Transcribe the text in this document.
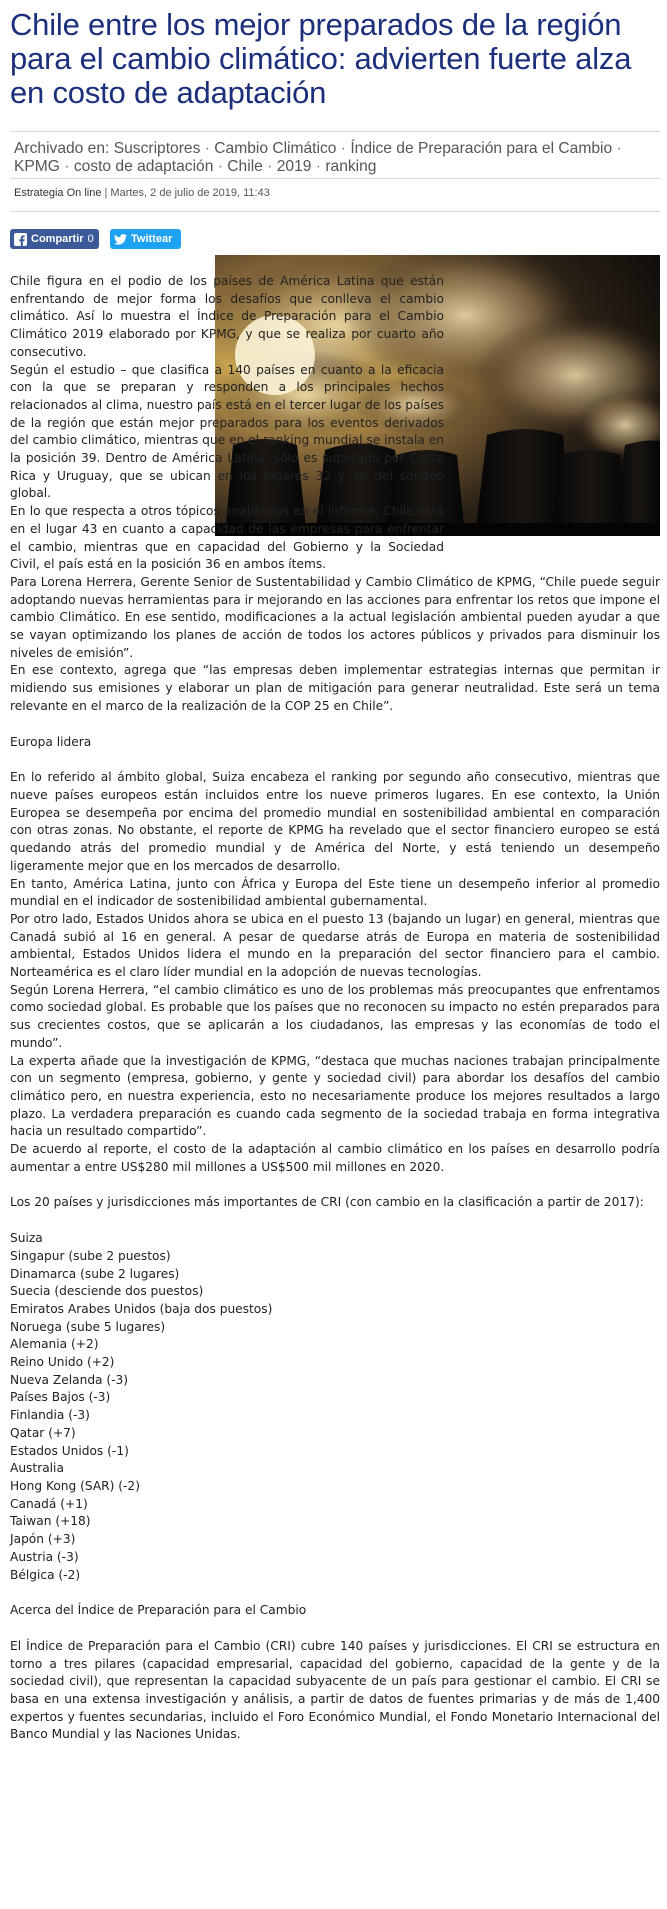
Chile entre los mejor preparados de la región para el cambio climático: advierten fuerte alza en costo de adaptación
Archivado en: Suscriptores · Cambio Climático · Índice de Preparación para el Cambio · KPMG · costo de adaptación · Chile · 2019 · ranking
Estrategia On line | Martes, 2 de julio de 2019, 11:43
Compartir 0	Twittear

Chile figura en el podio de los países de América Latina que están enfrentando de mejor forma los desafíos que conlleva el cambio climático. Así lo muestra el Índice de Preparación para el Cambio Climático 2019 elaborado por KPMG, y que se realiza por cuarto año consecutivo.

Según el estudio – que clasifica a 140 países en cuanto a la eficacia con la que se preparan y responden a los principales hechos relacionados al clima, nuestro país está en el tercer lugar de los países de la región que están mejor preparados para los eventos derivados del cambio climático, mientras que en el ranking mundial se instala en la posición 39. Dentro de América Latina, sólo es superado por Costa Rica y Uruguay, que se ubican en los lugares 32 y 36 del sondeo global.

En lo que respecta a otros tópicos analizados en el informe, Chile está en el lugar 43 en cuanto a capacidad de las empresas para enfrentar el cambio, mientras que en capacidad del Gobierno y la Sociedad Civil, el país está en la posición 36 en ambos ítems.

Para Lorena Herrera, Gerente Senior de Sustentabilidad y Cambio Climático de KPMG, “Chile puede seguir adoptando nuevas herramientas para ir mejorando en las acciones para enfrentar los retos que impone el cambio Climático. En ese sentido, modificaciones a la actual legislación ambiental pueden ayudar a que se vayan optimizando los planes de acción de todos los actores públicos y privados para disminuir los niveles de emisión”.

En ese contexto, agrega que “las empresas deben implementar estrategias internas que permitan ir midiendo sus emisiones y elaborar un plan de mitigación para generar neutralidad. Este será un tema relevante en el marco de la realización de la COP 25 en Chile”.

Europa lidera

En lo referido al ámbito global, Suiza encabeza el ranking por segundo año consecutivo, mientras que nueve países europeos están incluidos entre los nueve primeros lugares. En ese contexto, la Unión Europea se desempeña por encima del promedio mundial en sostenibilidad ambiental en comparación con otras zonas. No obstante, el reporte de KPMG ha revelado que el sector financiero europeo se está quedando atrás del promedio mundial y de América del Norte, y está teniendo un desempeño ligeramente mejor que en los mercados de desarrollo.

En tanto, América Latina, junto con África y Europa del Este tiene un desempeño inferior al promedio mundial en el indicador de sostenibilidad ambiental gubernamental.

Por otro lado, Estados Unidos ahora se ubica en el puesto 13 (bajando un lugar) en general, mientras que Canadá subió al 16 en general. A pesar de quedarse atrás de Europa en materia de sostenibilidad ambiental, Estados Unidos lidera el mundo en la preparación del sector financiero para el cambio. Norteamérica es el claro líder mundial en la adopción de nuevas tecnologías.

Según Lorena Herrera, “el cambio climático es uno de los problemas más preocupantes que enfrentamos como sociedad global. Es probable que los países que no reconocen su impacto no estén preparados para sus crecientes costos, que se aplicarán a los ciudadanos, las empresas y las economías de todo el mundo”.

La experta añade que la investigación de KPMG, “destaca que muchas naciones trabajan principalmente con un segmento (empresa, gobierno, y gente y sociedad civil) para abordar los desafíos del cambio climático pero, en nuestra experiencia, esto no necesariamente produce los mejores resultados a largo plazo. La verdadera preparación es cuando cada segmento de la sociedad trabaja en forma integrativa hacia un resultado compartido”.

De acuerdo al reporte, el costo de la adaptación al cambio climático en los países en desarrollo podría aumentar a entre US$280 mil millones a US$500 mil millones en 2020.

Los 20 países y jurisdicciones más importantes de CRI (con cambio en la clasificación a partir de 2017):

Suiza
Singapur (sube 2 puestos)
Dinamarca (sube 2 lugares)
Suecia (desciende dos puestos)
Emiratos Arabes Unidos (baja dos puestos)
Noruega (sube 5 lugares)
Alemania (+2)
Reino Unido (+2)
Nueva Zelanda (-3)
Países Bajos (-3)
Finlandia (-3)
Qatar (+7)
Estados Unidos (-1)
Australia
Hong Kong (SAR) (-2)
Canadá (+1)
Taiwan (+18)
Japón (+3)
Austria (-3)
Bélgica (-2)

Acerca del Índice de Preparación para el Cambio

El Índice de Preparación para el Cambio (CRI) cubre 140 países y jurisdicciones. El CRI se estructura en torno a tres pilares (capacidad empresarial, capacidad del gobierno, capacidad de la gente y de la sociedad civil), que representan la capacidad subyacente de un país para gestionar el cambio. El CRI se basa en una extensa investigación y análisis, a partir de datos de fuentes primarias y de más de 1,400 expertos y fuentes secundarias, incluido el Foro Económico Mundial, el Fondo Monetario Internacional del Banco Mundial y las Naciones Unidas.
